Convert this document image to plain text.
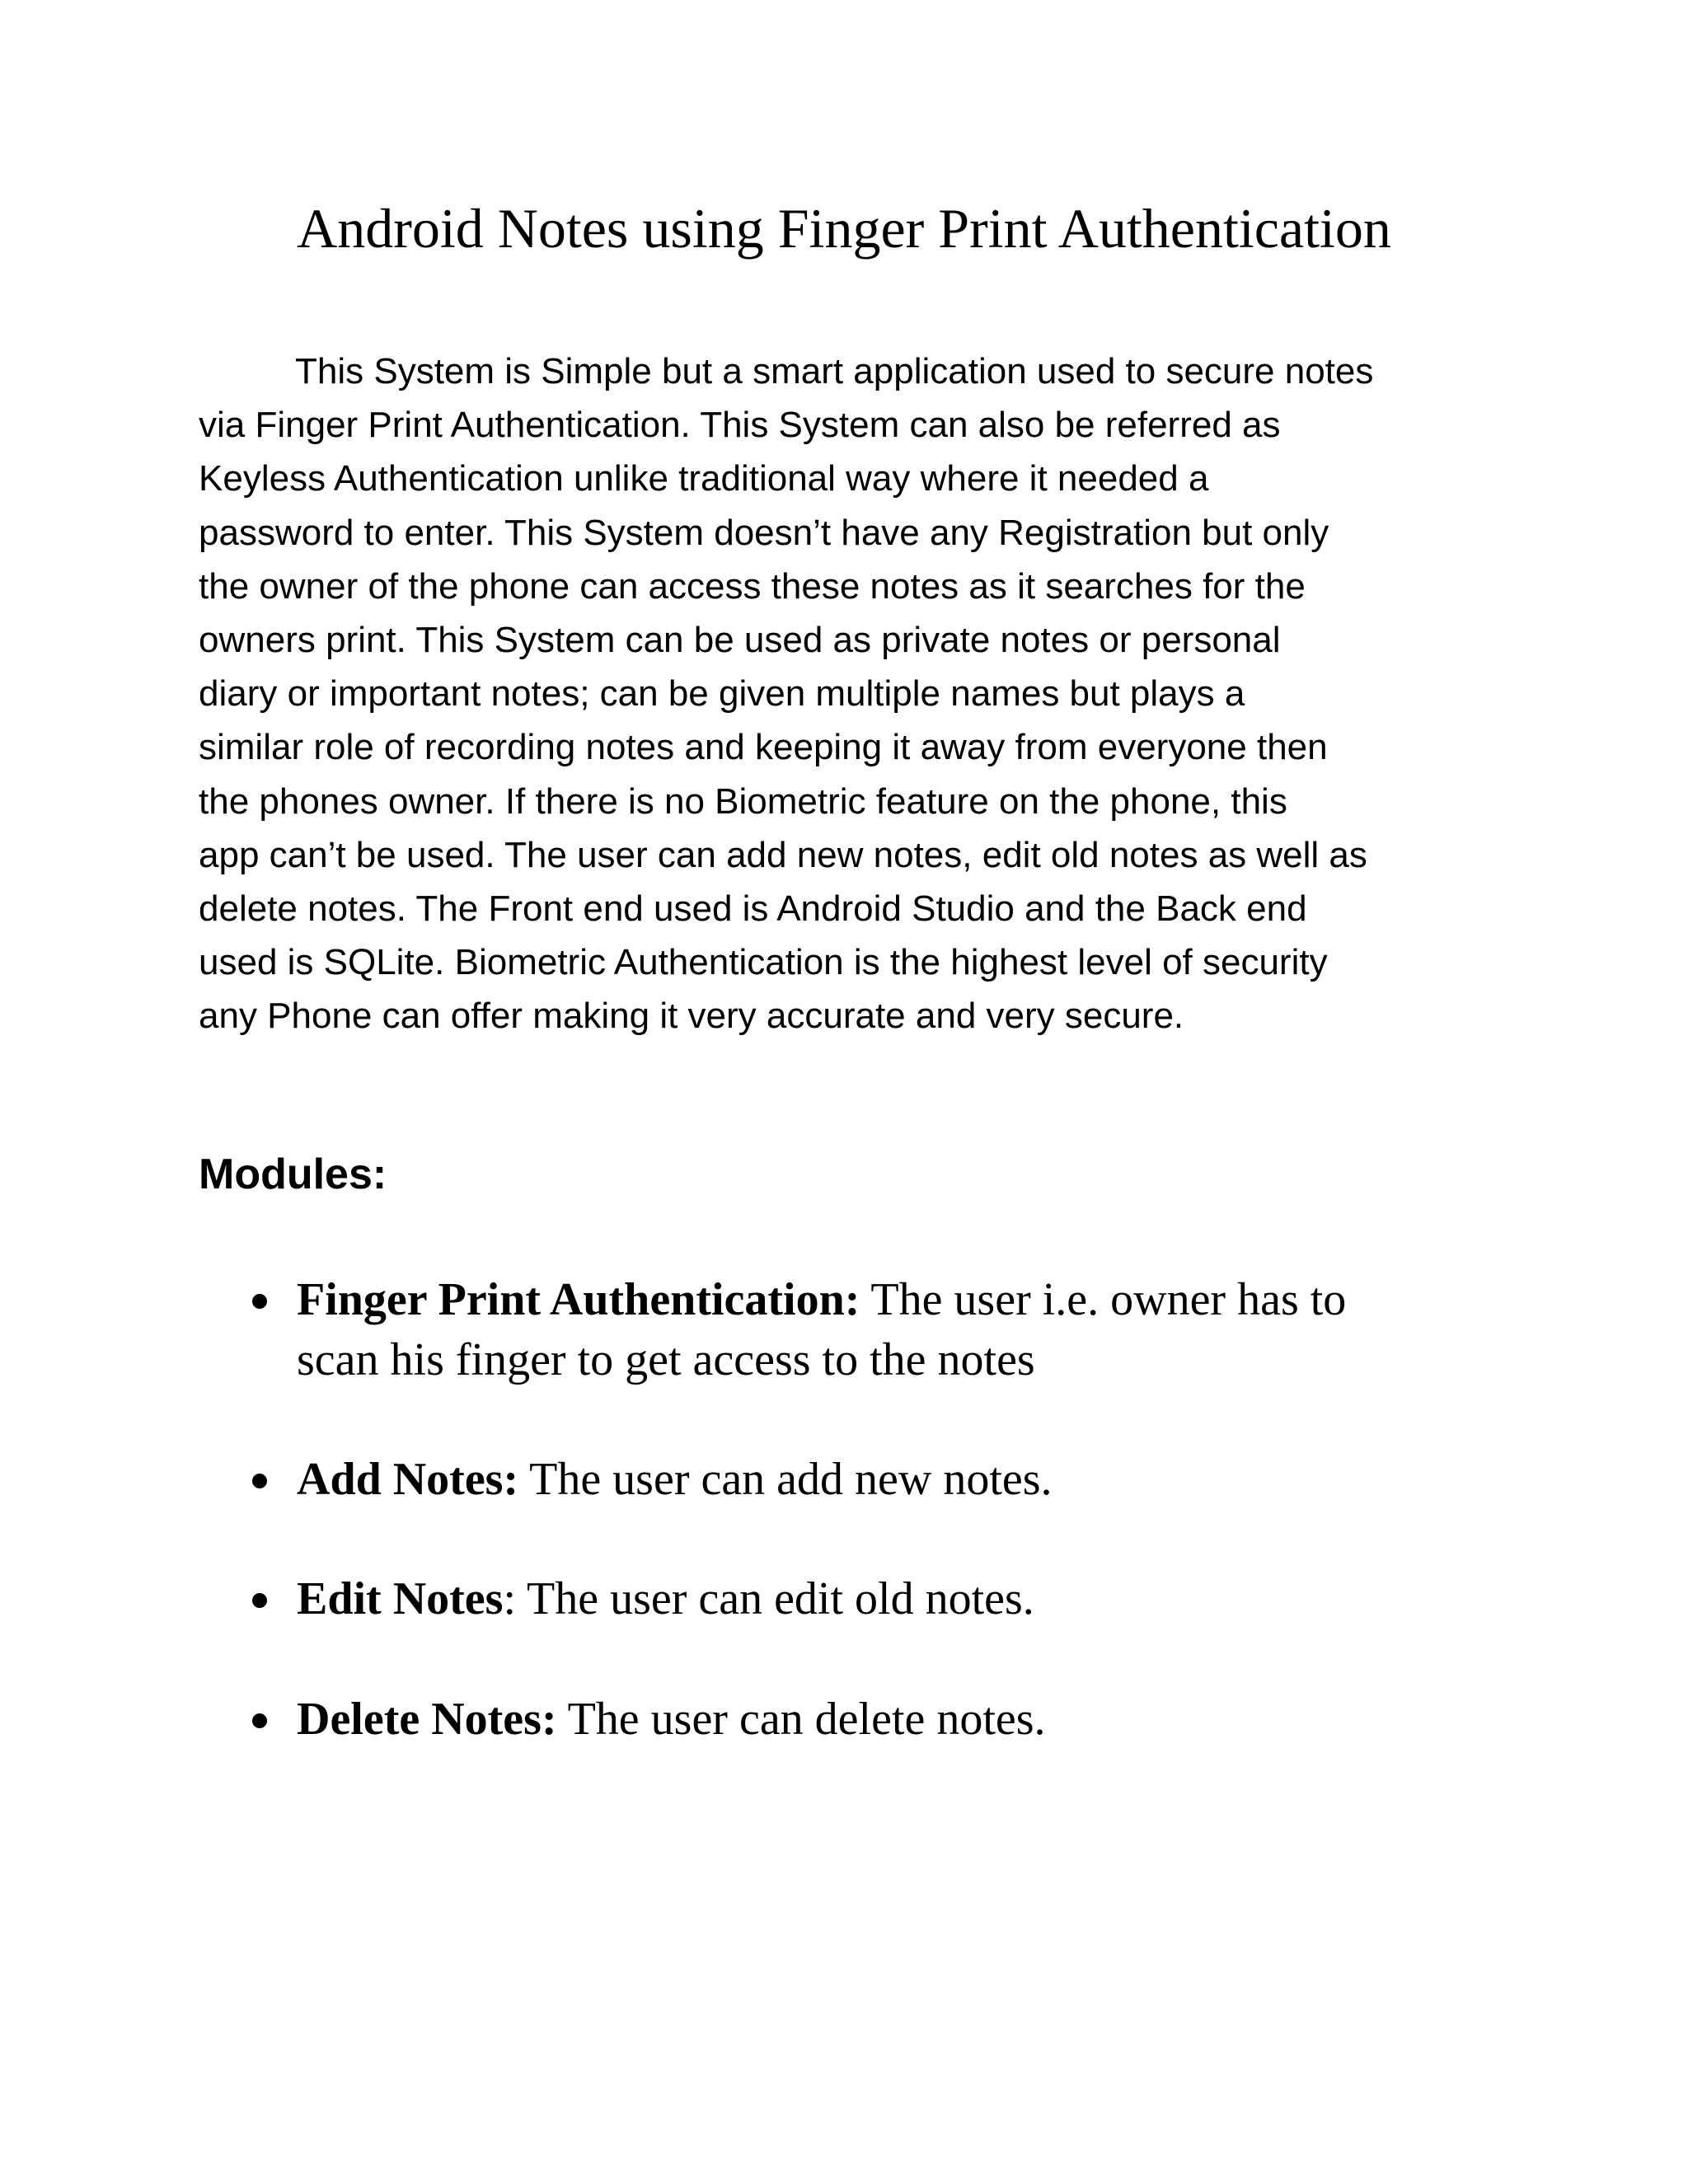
Android Notes using Finger Print Authentication

This System is Simple but a smart application used to secure notes
via Finger Print Authentication. This System can also be referred as
Keyless Authentication unlike traditional way where it needed a
password to enter. This System doesn’t have any Registration but only
the owner of the phone can access these notes as it searches for the
owners print. This System can be used as private notes or personal
diary or important notes; can be given multiple names but plays a
similar role of recording notes and keeping it away from everyone then
the phones owner. If there is no Biometric feature on the phone, this
app can’t be used. The user can add new notes, edit old notes as well as
delete notes. The Front end used is Android Studio and the Back end
used is SQLite. Biometric Authentication is the highest level of security
any Phone can offer making it very accurate and very secure.

Modules:
Finger Print Authentication: The user i.e. owner has to
scan his finger to get access to the notes
Add Notes: The user can add new notes.
Edit Notes: The user can edit old notes.
Delete Notes: The user can delete notes.
